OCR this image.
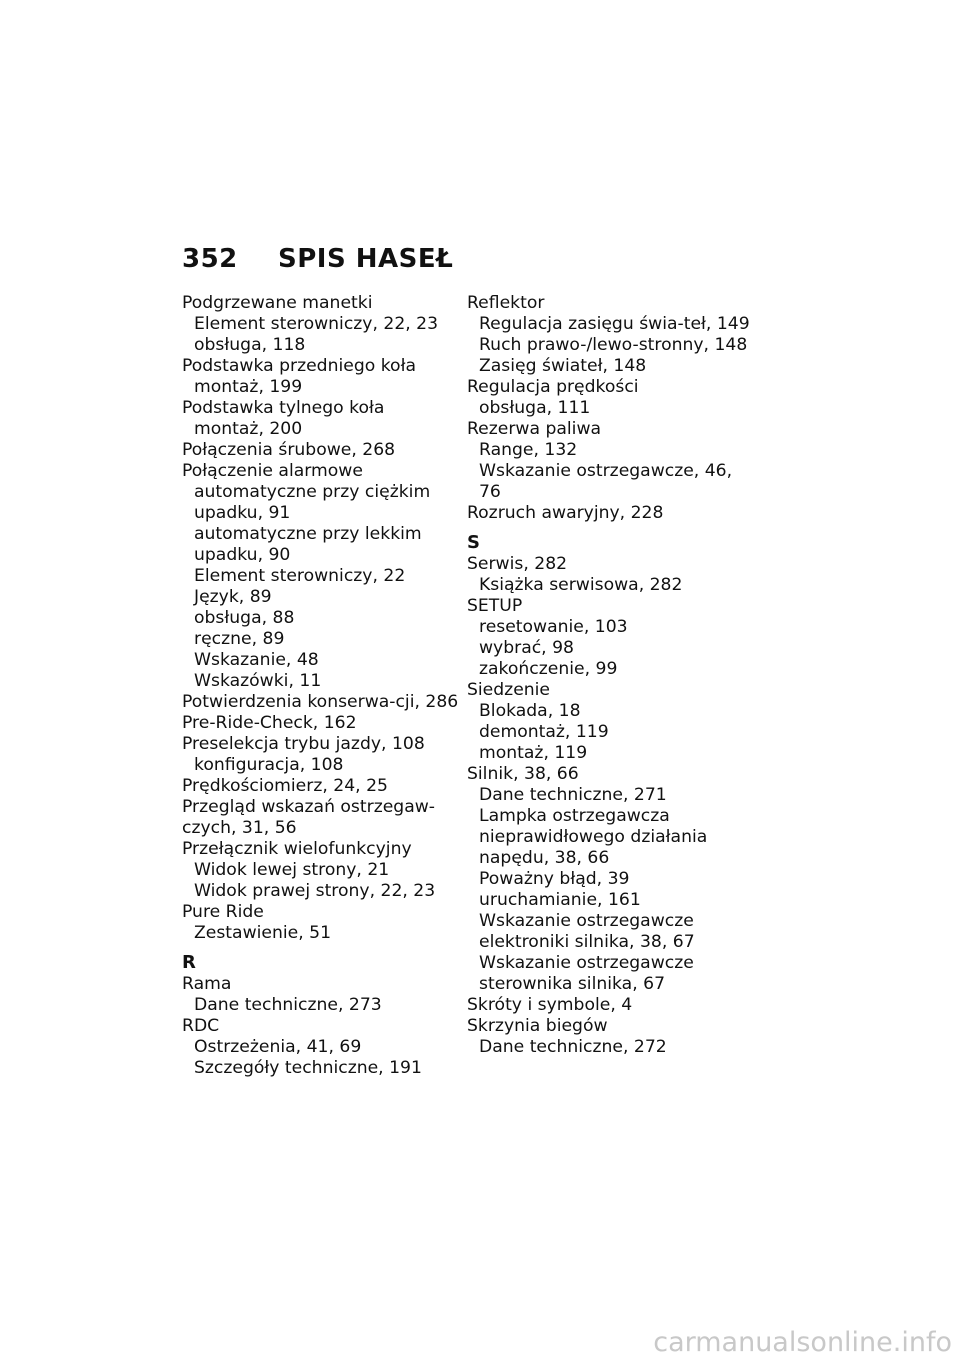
352 SPIS HASEŁ
Podgrzewane manetki
Element sterowniczy, 22, 23
obsługa, 118
Podstawka przedniego koła
montaż, 199
Podstawka tylnego koła
montaż, 200
Połączenia śrubowe, 268
Połączenie alarmowe
automatyczne przy ciężkim upadku, 91
automatyczne przy lekkim upadku, 90
Element sterowniczy, 22
Język, 89
obsługa, 88
ręczne, 89
Wskazanie, 48
Wskazówki, 11
Potwierdzenia konserwa-cji, 286
Pre-Ride-Check, 162
Preselekcja trybu jazdy, 108
konfiguracja, 108
Prędkościomierz, 24, 25
Przegląd wskazań ostrzegaw-czych, 31, 56
Przełącznik wielofunkcyjny
Widok lewej strony, 21
Widok prawej strony, 22, 23
Pure Ride
Zestawienie, 51
R
Rama
Dane techniczne, 273
RDC
Ostrzeżenia, 41, 69
Szczegóły techniczne, 191
Reflektor
Regulacja zasięgu świa-teł, 149
Ruch prawo-/lewo-stronny, 148
Zasięg świateł, 148
Regulacja prędkości
obsługa, 111
Rezerwa paliwa
Range, 132
Wskazanie ostrzegawcze, 46, 76
Rozruch awaryjny, 228
S
Serwis, 282
Książka serwisowa, 282
SETUP
resetowanie, 103
wybrać, 98
zakończenie, 99
Siedzenie
Blokada, 18
demontaż, 119
montaż, 119
Silnik, 38, 66
Dane techniczne, 271
Lampka ostrzegawcza nieprawidłowego działania napędu, 38, 66
Poważny błąd, 39
uruchamianie, 161
Wskazanie ostrzegawcze elektroniki silnika, 38, 67
Wskazanie ostrzegawcze sterownika silnika, 67
Skróty i symbole, 4
Skrzynia biegów
Dane techniczne, 272
carmanualsonline.info
